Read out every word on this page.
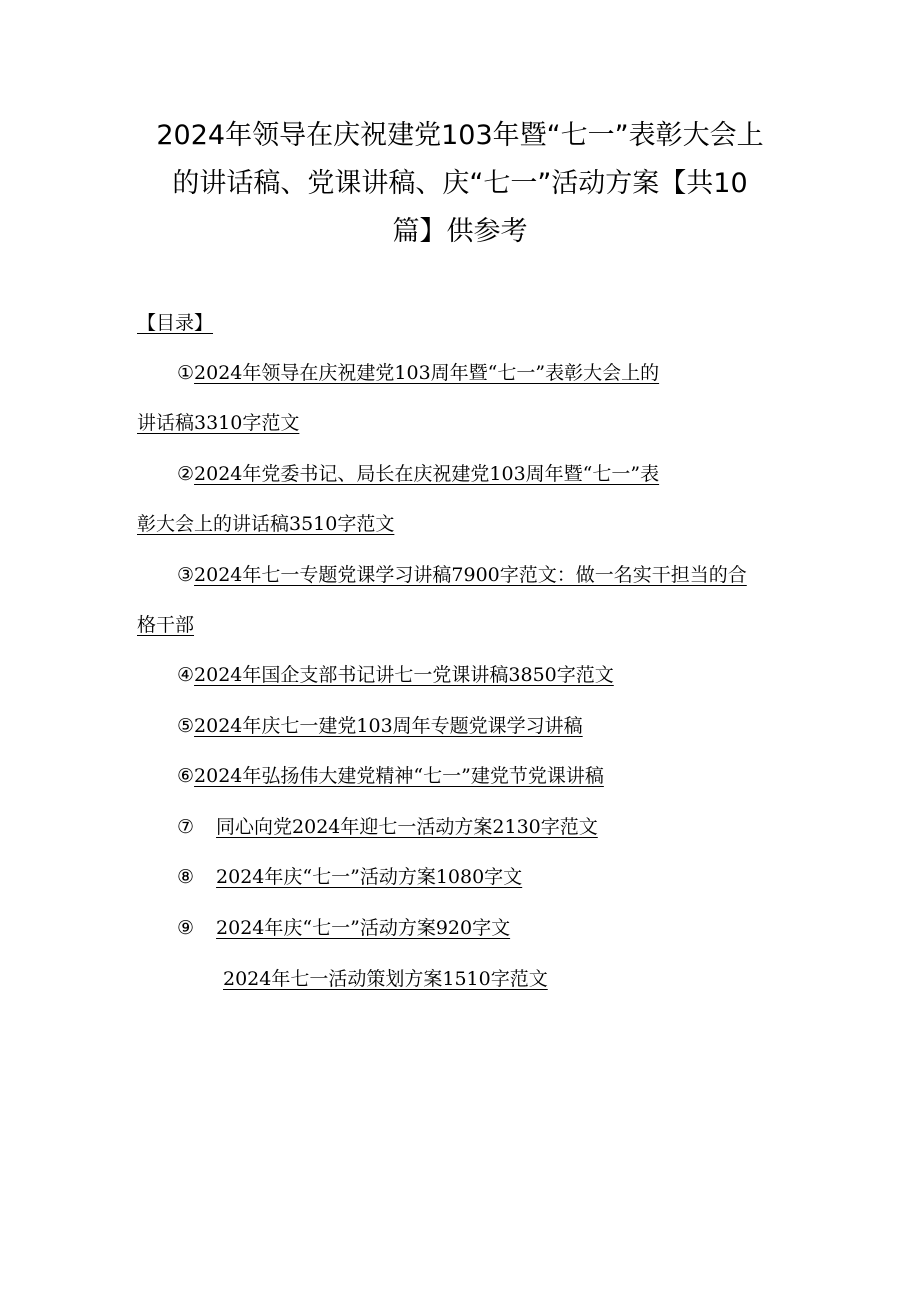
2024年领导在庆祝建党103年暨“七一”表彰大会上
的讲话稿、党课讲稿、庆“七一”活动方案【共10
篇】供参考
【目录】
①2024年领导在庆祝建党103周年暨“七一”表彰大会上的
讲话稿3310字范文
②2024年党委书记、局长在庆祝建党103周年暨“七一”表
彰大会上的讲话稿3510字范文
③2024年七一专题党课学习讲稿7900字范文：做一名实干担当的合
格干部
④2024年国企支部书记讲七一党课讲稿3850字范文
⑤2024年庆七一建党103周年专题党课学习讲稿
⑥2024年弘扬伟大建党精神“七一”建党节党课讲稿
⑦ 同心向党2024年迎七一活动方案2130字范文
⑧ 2024年庆“七一”活动方案1080字文
⑨ 2024年庆“七一”活动方案920字文
2024年七一活动策划方案1510字范文
